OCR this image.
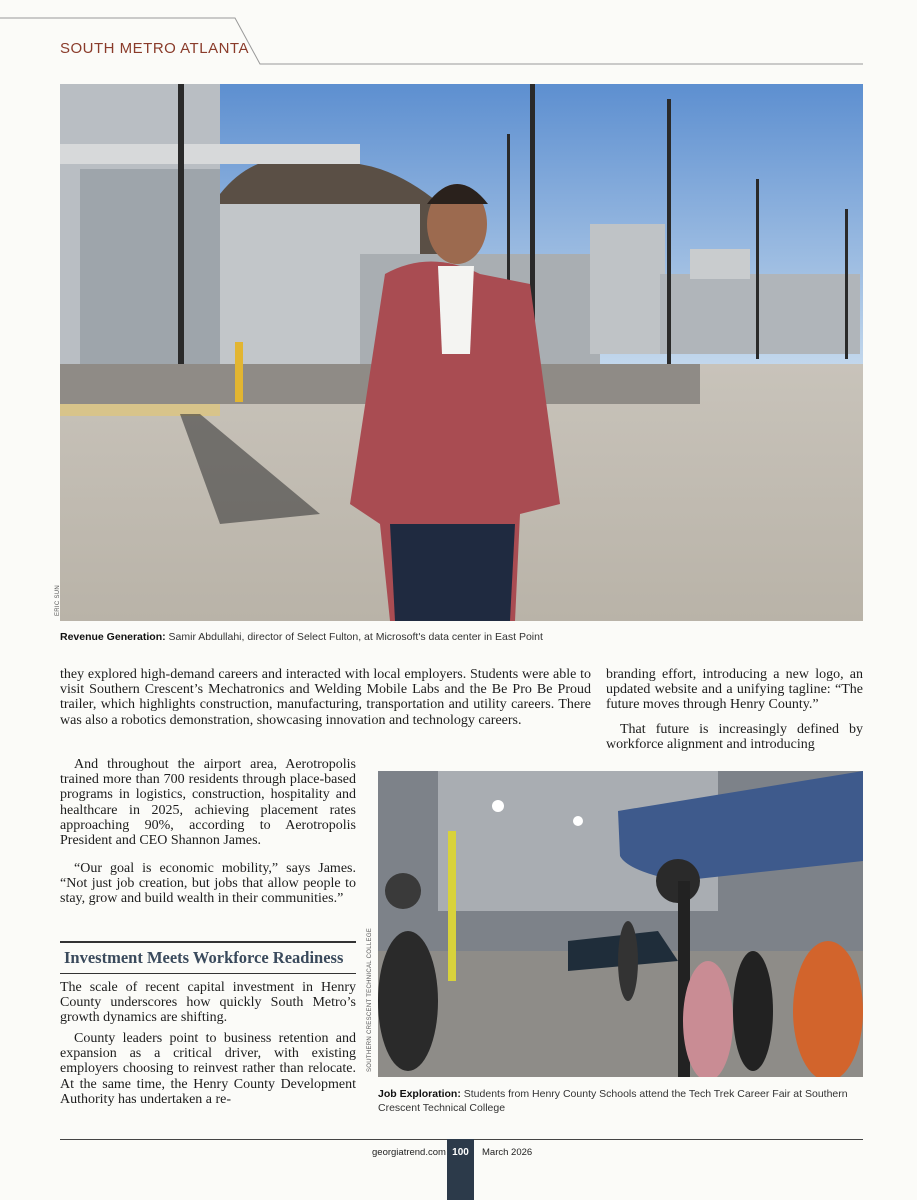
SOUTH METRO ATLANTA
ERIC SUN
Revenue Generation: Samir Abdullahi, director of Select Fulton, at Microsoft's data center in East Point

they explored high-demand careers and interacted with local employers. Students were able to visit Southern Crescent’s Mechatronics and Welding Mobile Labs and the Be Pro Be Proud trailer, which highlights construction, manufacturing, transportation and utility careers. There was also a robotics demonstration, showcasing innovation and technology careers.

branding effort, introducing a new logo, an updated website and a unifying tagline: “The future moves through Henry County.”

That future is increasingly defined by workforce alignment and introducing

And throughout the airport area, Aerotropolis trained more than 700 residents through place-based programs in logistics, construction, hospitality and healthcare in 2025, achieving placement rates approaching 90%, according to Aerotropolis President and CEO Shannon James.

“Our goal is economic mobility,” says James. “Not just job creation, but jobs that allow people to stay, grow and build wealth in their communities.”

Investment Meets Workforce Readiness

The scale of recent capital investment in Henry County underscores how quickly South Metro’s growth dynamics are shifting.

County leaders point to business retention and expansion as a critical driver, with existing employers choosing to reinvest rather than relocate. At the same time, the Henry County Development Authority has undertaken a re-

SOUTHERN CRESCENT TECHNICAL COLLEGE
Job Exploration: Students from Henry County Schools attend the Tech Trek Career Fair at Southern Crescent Technical College
georgiatrend.com 100	March 2026
